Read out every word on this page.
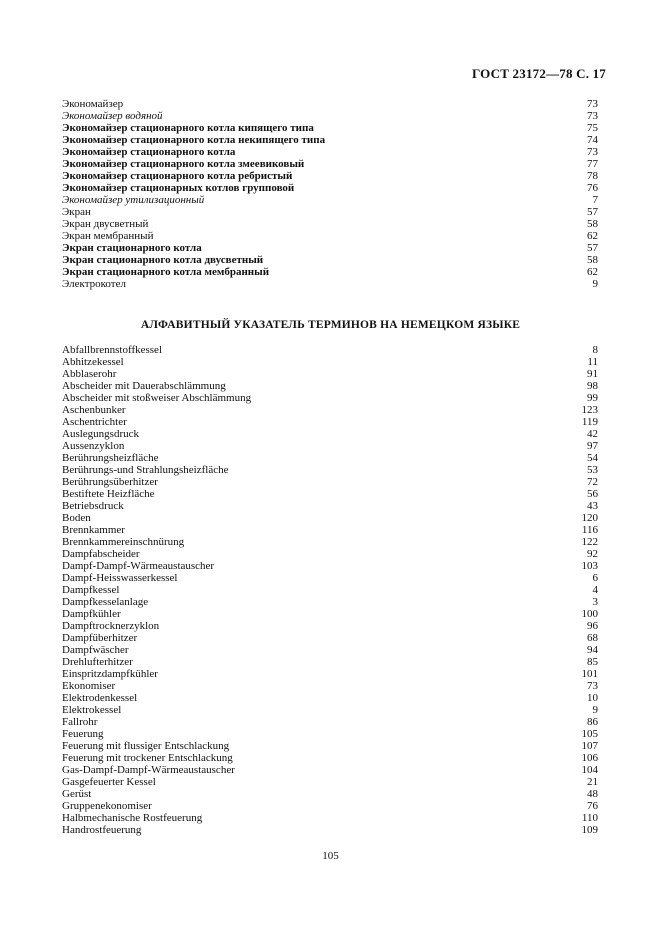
ГОСТ 23172—78 С. 17
Экономайзер	73
Экономайзер водяной	73
Экономайзер стационарного котла кипящего типа	75
Экономайзер стационарного котла некипящего типа	74
Экономайзер стационарного котла	73
Экономайзер стационарного котла змеевиковый	77
Экономайзер стационарного котла ребристый	78
Экономайзер стационарных котлов групповой	76
Экономайзер утилизационный	7
Экран	57
Экран двусветный	58
Экран мембранный	62
Экран стационарного котла	57
Экран стационарного котла двусветный	58
Экран стационарного котла мембранный	62
Электрокотел	9
АЛФАВИТНЫЙ УКАЗАТЕЛЬ ТЕРМИНОВ НА НЕМЕЦКОМ ЯЗЫКЕ
Abfallbrennstoffkessel	8
Abhitzekessel	11
Abblaserohr	91
Abscheider mit Dauerabschlämmung	98
Abscheider mit stoßweiser Abschlämmung	99
Aschenbunker	123
Aschentrichter	119
Auslegungsdruck	42
Aussenzyklon	97
Berührungsheizfläche	54
Berührungs-und Strahlungsheizfläche	53
Berührungsüberhitzer	72
Bestiftete Heizfläche	56
Betriebsdruck	43
Boden	120
Brennkammer	116
Brennkammereinschnürung	122
Dampfabscheider	92
Dampf-Dampf-Wärmeaustauscher	103
Dampf-Heisswasserkessel	6
Dampfkessel	4
Dampfkesselanlage	3
Dampfkühler	100
Dampftrocknerzyklon	96
Dampfüberhitzer	68
Dampfwäscher	94
Drehlufterhitzer	85
Einspritzdampfkühler	101
Ekonomiser	73
Elektrodenkessel	10
Elektrokessel	9
Fallrohr	86
Feuerung	105
Feuerung mit flussiger Entschlackung	107
Feuerung mit trockener Entschlackung	106
Gas-Dampf-Dampf-Wärmeaustauscher	104
Gasgefeuerter Kessel	21
Gerüst	48
Gruppenekonomiser	76
Halbmechanische Rostfeuerung	110
Handrostfeuerung	109
105
